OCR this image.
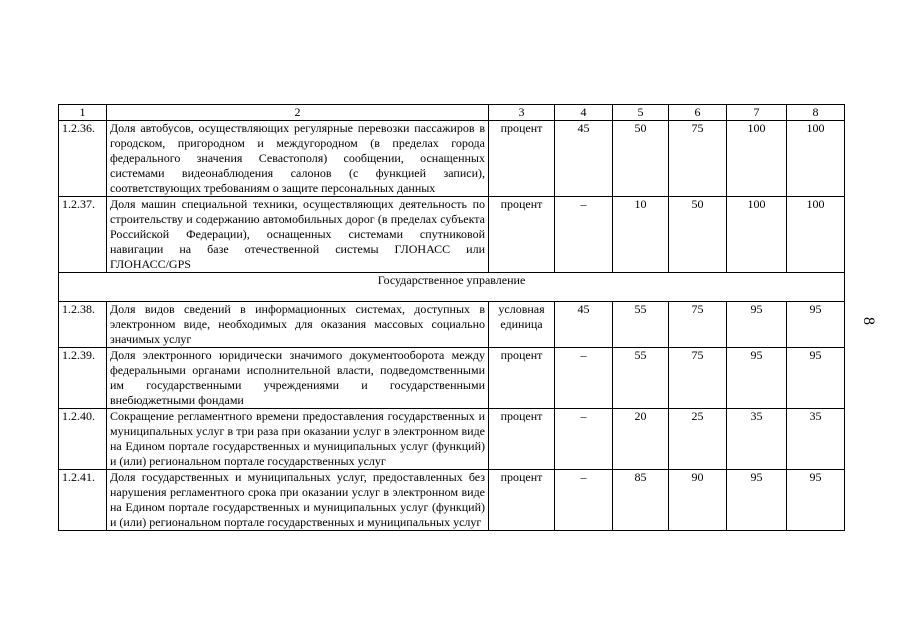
8
1	2	3	4	5	6	7	8
1.2.36.	Доля автобусов, осуществляющих регулярные перевозки пассажиров в городском, пригородном и междугородном (в пределах города федерального значения Севастополя) сообщении, оснащенных системами видеонаблюдения салонов (с функцией записи), соответствующих требованиям о защите персональных данных	процент	45	50	75	100	100
1.2.37.	Доля машин специальной техники, осуществляющих деятельность по строительству и содержанию автомобильных дорог (в пределах субъекта Российской Федерации), оснащенных системами спутниковой навигации на базе отечественной системы ГЛОНАСС или ГЛОНАСС/GPS	процент	–	10	50	100	100
Государственное управление							
1.2.38.	Доля видов сведений в информационных системах, доступных в электронном виде, необходимых для оказания массовых социально значимых услуг	условная единица	45	55	75	95	95
1.2.39.	Доля электронного юридически значимого документооборота между федеральными органами исполнительной власти, подведомственными им государственными учреждениями и государственными внебюджетными фондами	процент	–	55	75	95	95
1.2.40.	Сокращение регламентного времени предоставления государственных и муниципальных услуг в три раза при оказании услуг в электронном виде на Едином портале государственных и муниципальных услуг (функций) и (или) региональном портале государственных услуг	процент	–	20	25	35	35
1.2.41.	Доля государственных и муниципальных услуг, предоставленных без нарушения регламентного срока при оказании услуг в электронном виде на Едином портале государственных и муниципальных услуг (функций) и (или) региональном портале государственных и муниципальных услуг	процент	–	85	90	95	95
